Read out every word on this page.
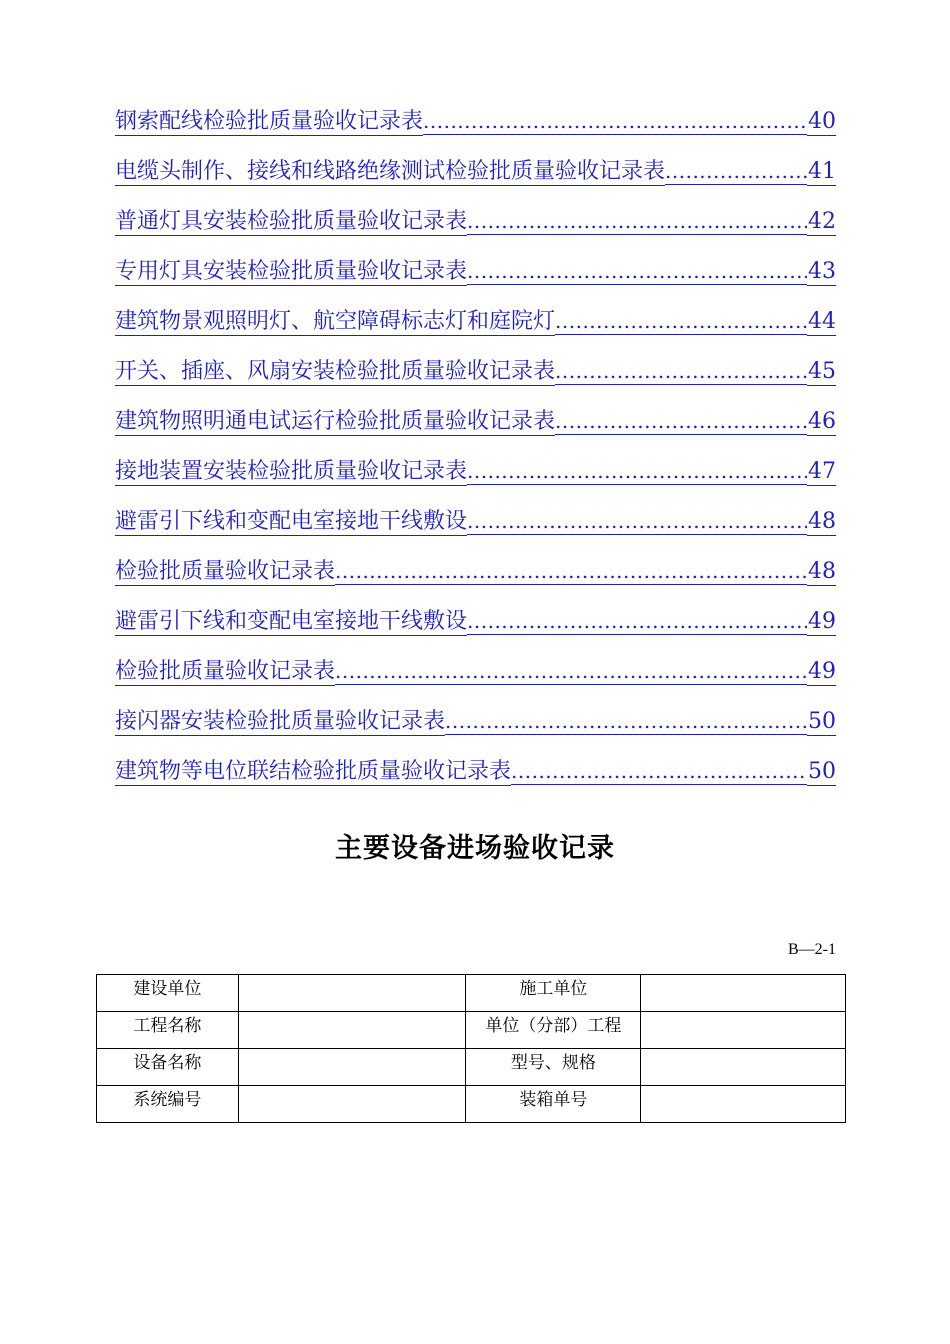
钢索配线检验批质量验收记录表 .....	40
电缆头制作、接线和线路绝缘测试检验批质量验收记录表 .....	41
普通灯具安装检验批质量验收记录表 .....	42
专用灯具安装检验批质量验收记录表 .....	43
建筑物景观照明灯、航空障碍标志灯和庭院灯 .....	44
开关、插座、风扇安装检验批质量验收记录表 .....	45
建筑物照明通电试运行检验批质量验收记录表 .....	46
接地装置安装检验批质量验收记录表 .....	47
避雷引下线和变配电室接地干线敷设 .....	48
检验批质量验收记录表 .....	48
避雷引下线和变配电室接地干线敷设 .....	49
检验批质量验收记录表 .....	49
接闪器安装检验批质量验收记录表 .....	50
建筑物等电位联结检验批质量验收记录表 .....	50
主要设备进场验收记录
B—2-1
建设单位		施工单位	
工程名称		单位（分部）工程	
设备名称		型号、规格	
系统编号		装箱单号	
